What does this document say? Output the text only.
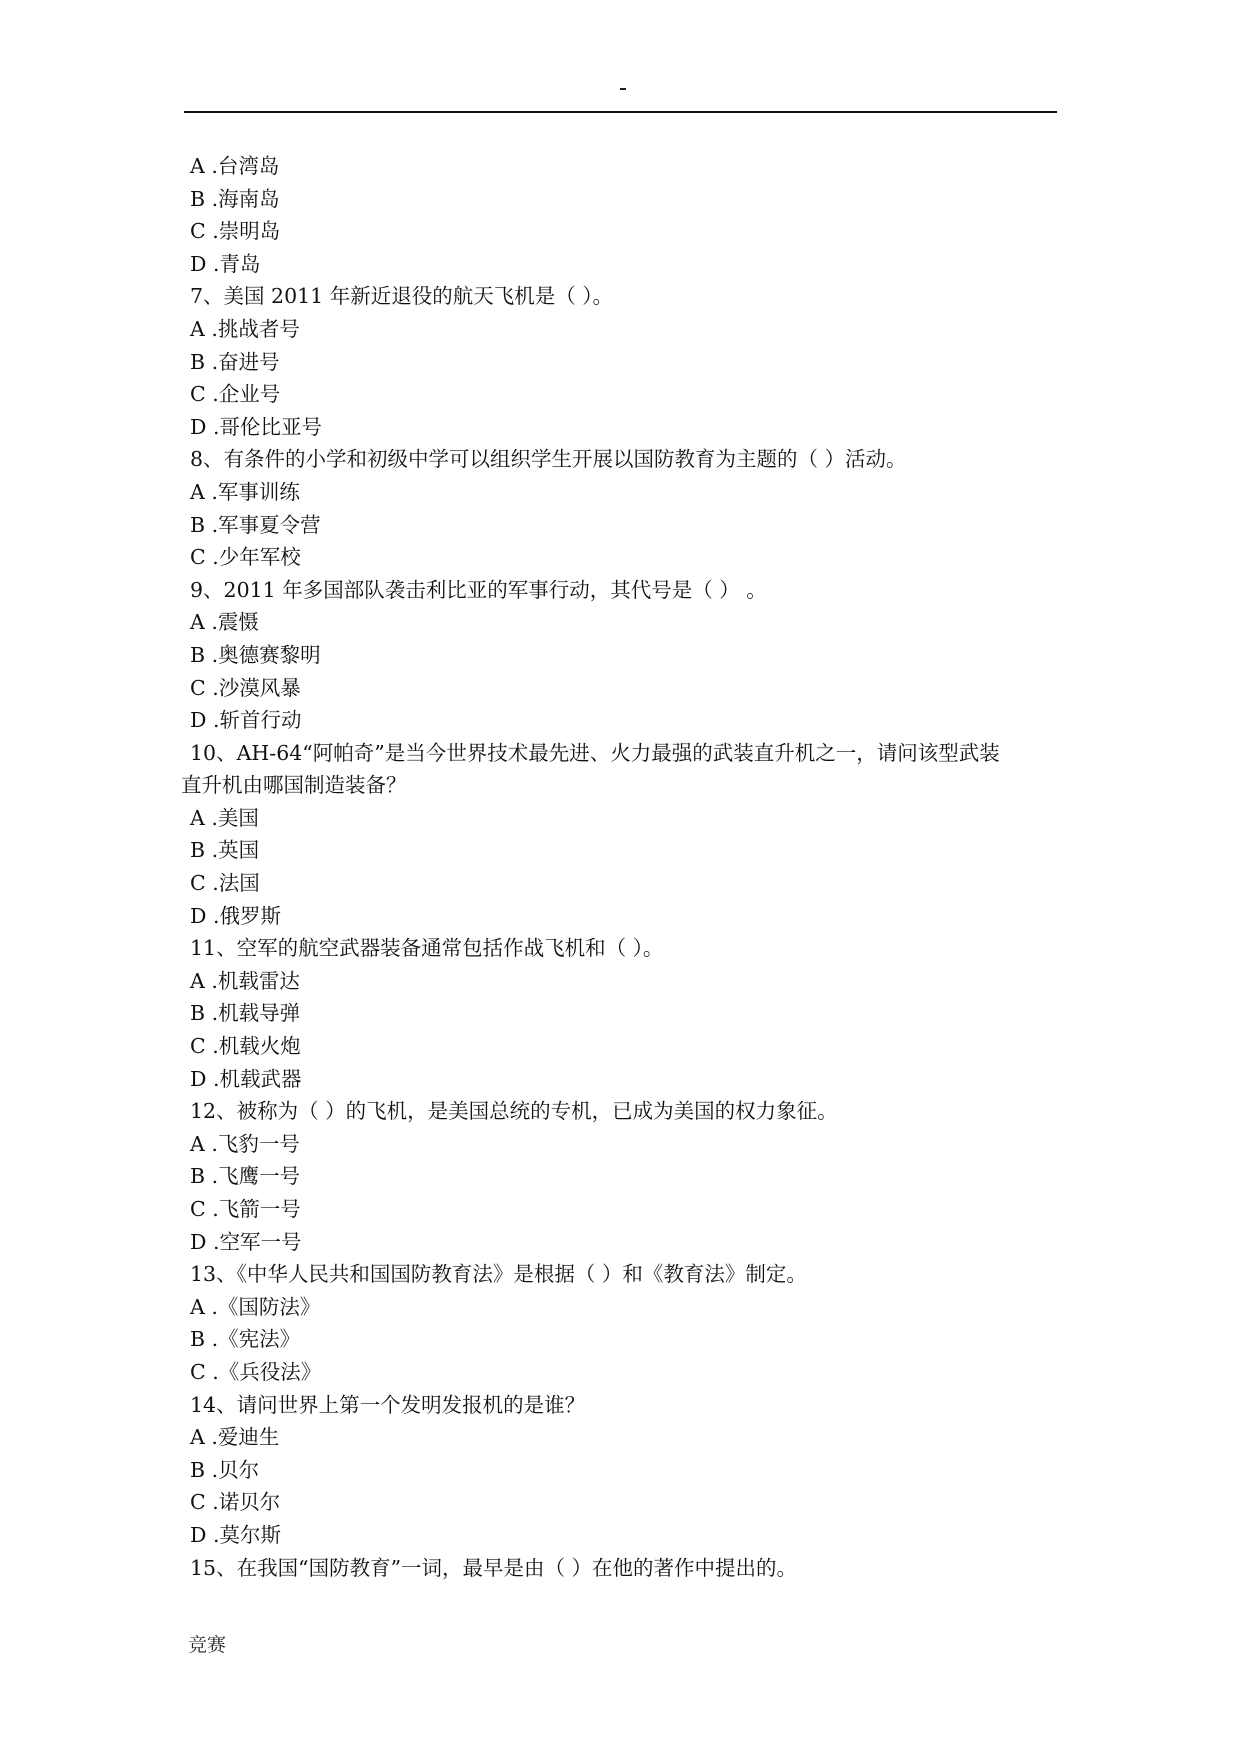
A .台湾岛
B .海南岛
C .崇明岛
D .青岛
7、美国 2011 年新近退役的航天飞机是（ ）。
A .挑战者号
B .奋进号
C .企业号
D .哥伦比亚号
8、有条件的小学和初级中学可以组织学生开展以国防教育为主题的（ ）活动。
A .军事训练
B .军事夏令营
C .少年军校
9、2011 年多国部队袭击利比亚的军事行动，其代号是（ ） 。
A .震慑
B .奥德赛黎明
C .沙漠风暴
D .斩首行动
10、AH-64“阿帕奇”是当今世界技术最先进、火力最强的武装直升机之一，请问该型武装
直升机由哪国制造装备？
A .美国
B .英国
C .法国
D .俄罗斯
11、空军的航空武器装备通常包括作战飞机和（ ）。
A .机载雷达
B .机载导弹
C .机载火炮
D .机载武器
12、被称为（ ）的飞机，是美国总统的专机，已成为美国的权力象征。
A .飞豹一号
B .飞鹰一号
C .飞箭一号
D .空军一号
13、《中华人民共和国国防教育法》是根据（ ）和《教育法》制定。
A .《国防法》
B .《宪法》
C .《兵役法》
14、请问世界上第一个发明发报机的是谁？
A .爱迪生
B .贝尔
C .诺贝尔
D .莫尔斯
15、在我国“国防教育”一词，最早是由（ ）在他的著作中提出的。
竞赛
